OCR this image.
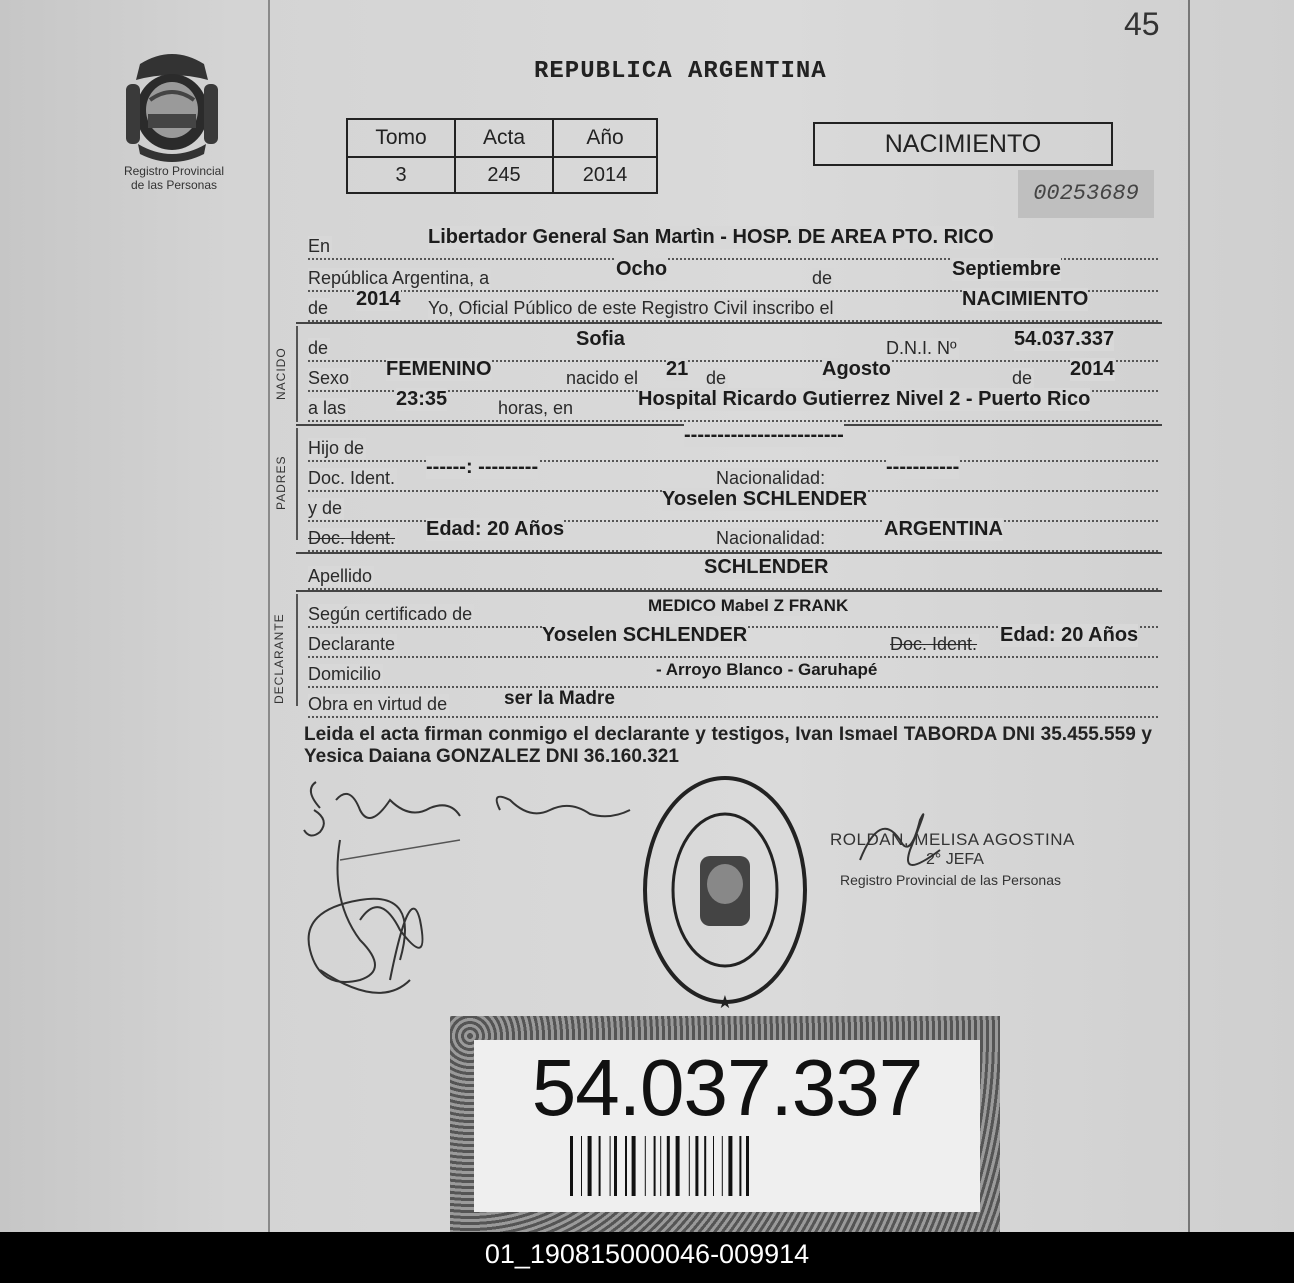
45
Registro Provincial
de las Personas
REPUBLICA ARGENTINA
Tomo	Acta	Año
3	245	2014
NACIMIENTO
00253689
En	Libertador General San Martìn - HOSP. DE AREA PTO. RICO
República Argentina, a	Ocho	de	Septiembre
de 2014 Yo, Oficial Público de este Registro Civil inscribo el	NACIMIENTO
NACIDO de	Sofia	D.N.I. Nº	54.037.337
Sexo FEMENINO	nacido el 21 de	Agosto	de 2014
a las 23:35	horas, en	Hospital Ricardo Gutierrez Nivel 2 - Puerto Rico
PADRES
Hijo de
------------------------
Doc. Ident. ------: ---------	Nacionalidad:	-----------
y de	Yoselen SCHLENDER
Doc. Ident. Edad: 20 Años	Nacionalidad:	ARGENTINA
Apellido	SCHLENDER
DECLARANTE Según certificado de	MEDICO Mabel Z FRANK
Declarante	Yoselen SCHLENDER	Doc. Ident. Edad: 20 Años
Domicilio	- Arroyo Blanco - Garuhapé
Obra en virtud de	ser la Madre
Leida el acta firman conmigo el declarante y testigos, Ivan Ismael TABORDA DNI 35.455.559 y Yesica Daiana GONZALEZ DNI 36.160.321
★
ROLDAN, MELISA AGOSTINA
2° JEFA
Registro Provincial de las Personas
54.037.337
01_190815000046-009914
